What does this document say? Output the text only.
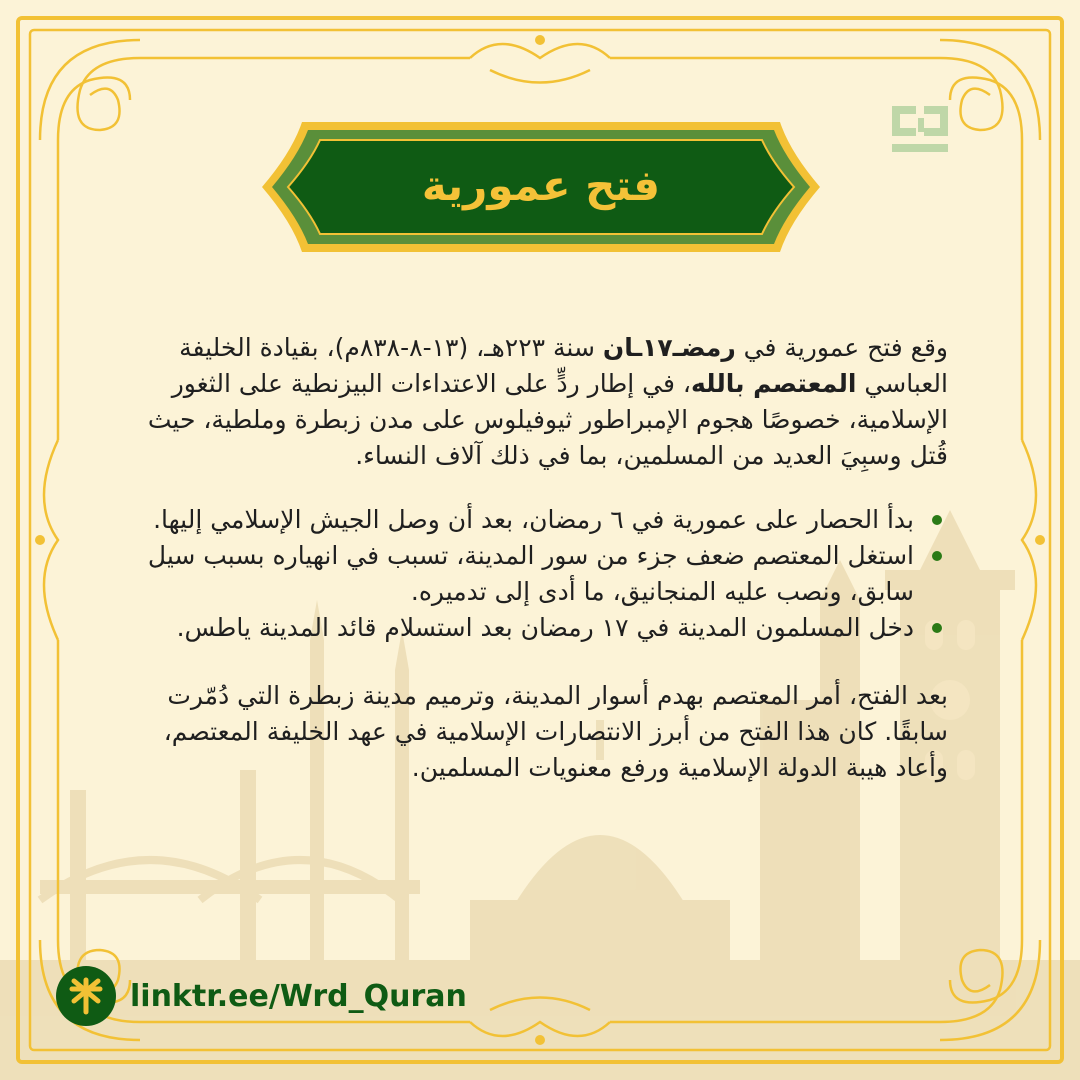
فتح عمورية

وقع فتح عمورية في رمضـ١٧ـان سنة ٢٢٣هـ، (١٣-٨-٨٣٨م)، بقيادة الخليفة العباسي المعتصم بالله، في إطار ردٍّ على الاعتداءات البيزنطية على الثغور الإسلامية، خصوصًا هجوم الإمبراطور ثيوفيلوس على مدن زبطرة وملطية، حيث قُتل وسبِيَ العديد من المسلمين، بما في ذلك آلاف النساء.

بدأ الحصار على عمورية في ٦ رمضان، بعد أن وصل الجيش الإسلامي إليها.
استغل المعتصم ضعف جزء من سور المدينة، تسبب في انهياره بسبب سيل سابق، ونصب عليه المنجانيق، ما أدى إلى تدميره.
دخل المسلمون المدينة في ١٧ رمضان بعد استسلام قائد المدينة ياطس.

بعد الفتح، أمر المعتصم بهدم أسوار المدينة، وترميم مدينة زبطرة التي دُمّرت سابقًا. كان هذا الفتح من أبرز الانتصارات الإسلامية في عهد الخليفة المعتصم، وأعاد هيبة الدولة الإسلامية ورفع معنويات المسلمين.

linktr.ee/Wrd_Quran
